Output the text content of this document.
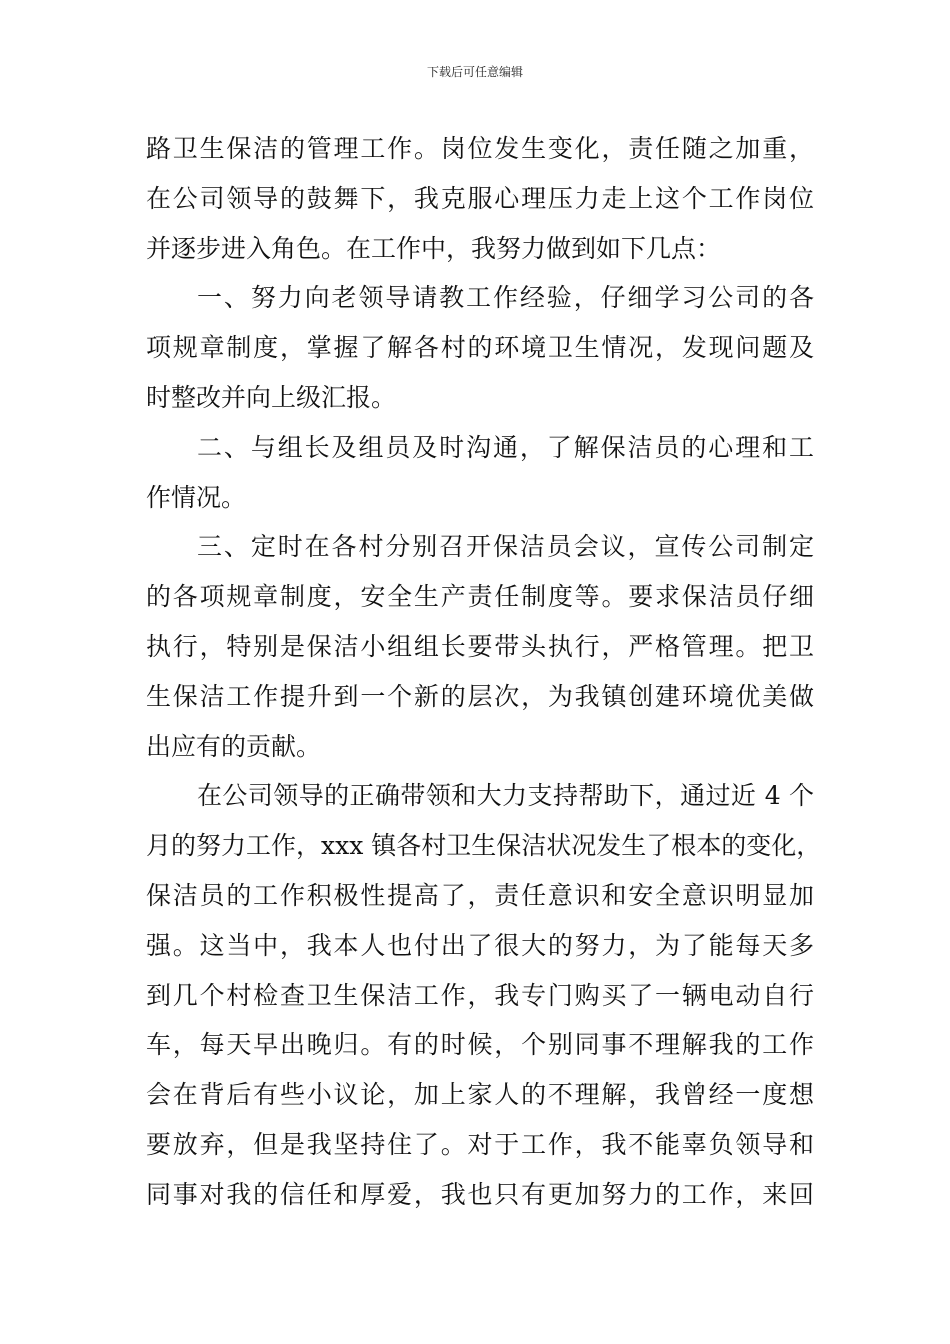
下载后可任意编辑
路卫生保洁的管理工作。岗位发生变化，责任随之加重，
在公司领导的鼓舞下，我克服心理压力走上这个工作岗位
并逐步进入角色。在工作中，我努力做到如下几点：
一、努力向老领导请教工作经验，仔细学习公司的各
项规章制度，掌握了解各村的环境卫生情况，发现问题及
时整改并向上级汇报。
二、与组长及组员及时沟通，了解保洁员的心理和工
作情况。
三、定时在各村分别召开保洁员会议，宣传公司制定
的各项规章制度，安全生产责任制度等。要求保洁员仔细
执行，特别是保洁小组组长要带头执行，严格管理。把卫
生保洁工作提升到一个新的层次，为我镇创建环境优美做
出应有的贡献。
在公司领导的正确带领和大力支持帮助下，通过近 4 个
月的努力工作，xxx 镇各村卫生保洁状况发生了根本的变化，
保洁员的工作积极性提高了，责任意识和安全意识明显加
强。这当中，我本人也付出了很大的努力，为了能每天多
到几个村检查卫生保洁工作，我专门购买了一辆电动自行
车，每天早出晚归。有的时候，个别同事不理解我的工作
会在背后有些小议论，加上家人的不理解，我曾经一度想
要放弃，但是我坚持住了。对于工作，我不能辜负领导和
同事对我的信任和厚爱，我也只有更加努力的工作，来回
